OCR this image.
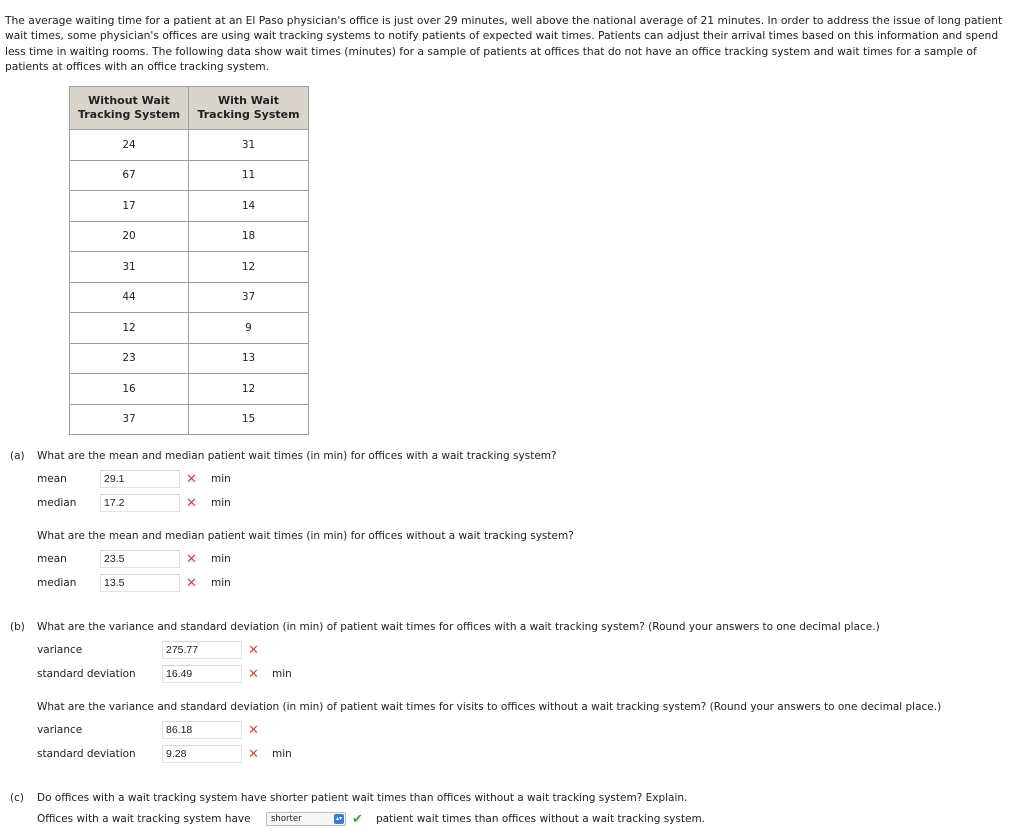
The average waiting time for a patient at an El Paso physician's office is just over 29 minutes, well above the national average of 21 minutes. In order to address the issue of long patient wait times, some physician's offices are using wait tracking systems to notify patients of expected wait times. Patients can adjust their arrival times based on this information and spend less time in waiting rooms. The following data show wait times (minutes) for a sample of patients at offices that do not have an office tracking system and wait times for a sample of patients at offices with an office tracking system.

Without Wait
Tracking System	With Wait
Tracking System
24	31
67	11
17	14
20	18
31	12
44	37
12	9
23	13
16	12
37	15
(a) What are the mean and median patient wait times (in min) for offices with a wait tracking system?
mean	29.1	✕ min
median	17.2	✕ min
What are the mean and median patient wait times (in min) for offices without a wait tracking system?
mean	23.5	✕ min
median	13.5	✕ min
(b) What are the variance and standard deviation (in min) of patient wait times for offices with a wait tracking system? (Round your answers to one decimal place.)
variance	275.77	✕
standard deviation	16.49	✕ min
What are the variance and standard deviation (in min) of patient wait times for visits to offices without a wait tracking system? (Round your answers to one decimal place.)
variance	86.18	✕
standard deviation	9.28	✕ min
(c) Do offices with a wait tracking system have shorter patient wait times than offices without a wait tracking system? Explain.
Offices with a wait tracking system have	shorter	▴▾ ✔ patient wait times than offices without a wait tracking system.
